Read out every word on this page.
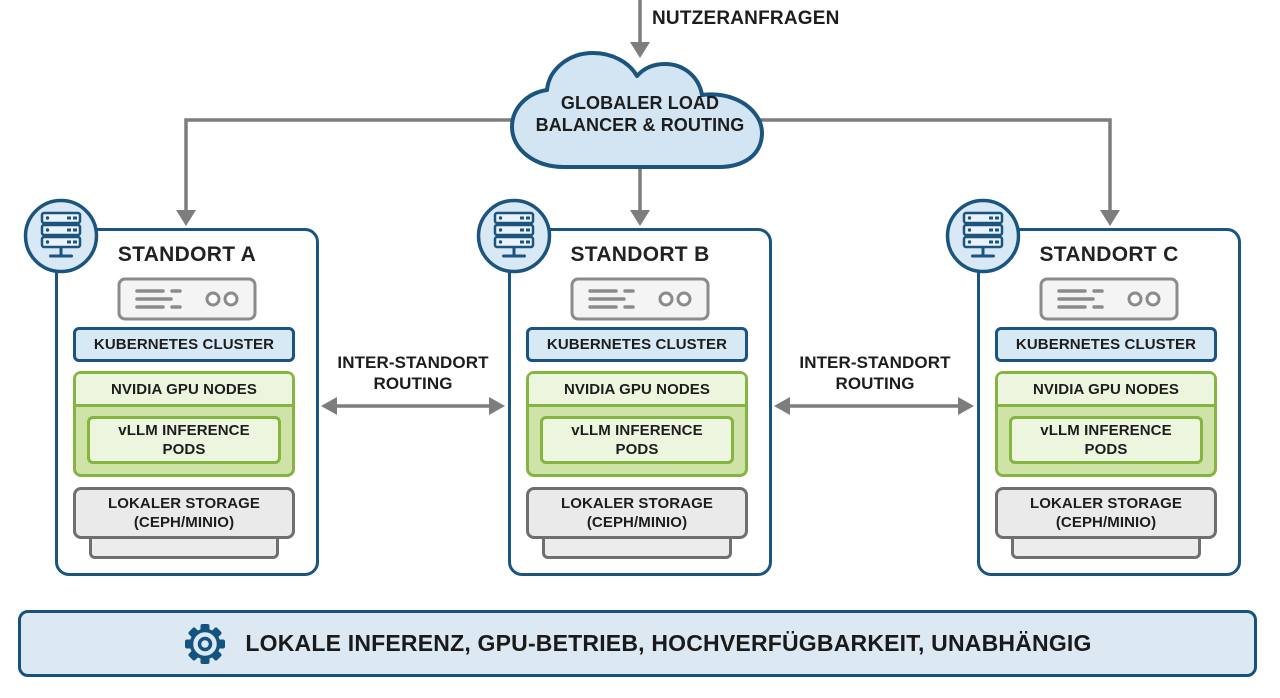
NUTZERANFRAGEN
GLOBALER LOAD
BALANCER & ROUTING
STANDORT A
KUBERNETES CLUSTER
NVIDIA GPU NODES
vLLM INFERENCE
PODS
LOKALER STORAGE
(CEPH/MINIO)
STANDORT B
KUBERNETES CLUSTER
NVIDIA GPU NODES
vLLM INFERENCE
PODS
LOKALER STORAGE
(CEPH/MINIO)
STANDORT C
KUBERNETES CLUSTER
NVIDIA GPU NODES
vLLM INFERENCE
PODS
LOKALER STORAGE
(CEPH/MINIO)
INTER-STANDORT
ROUTING
INTER-STANDORT
ROUTING
LOKALE INFERENZ, GPU-BETRIEB, HOCHVERFÜGBARKEIT, UNABHÄNGIG
